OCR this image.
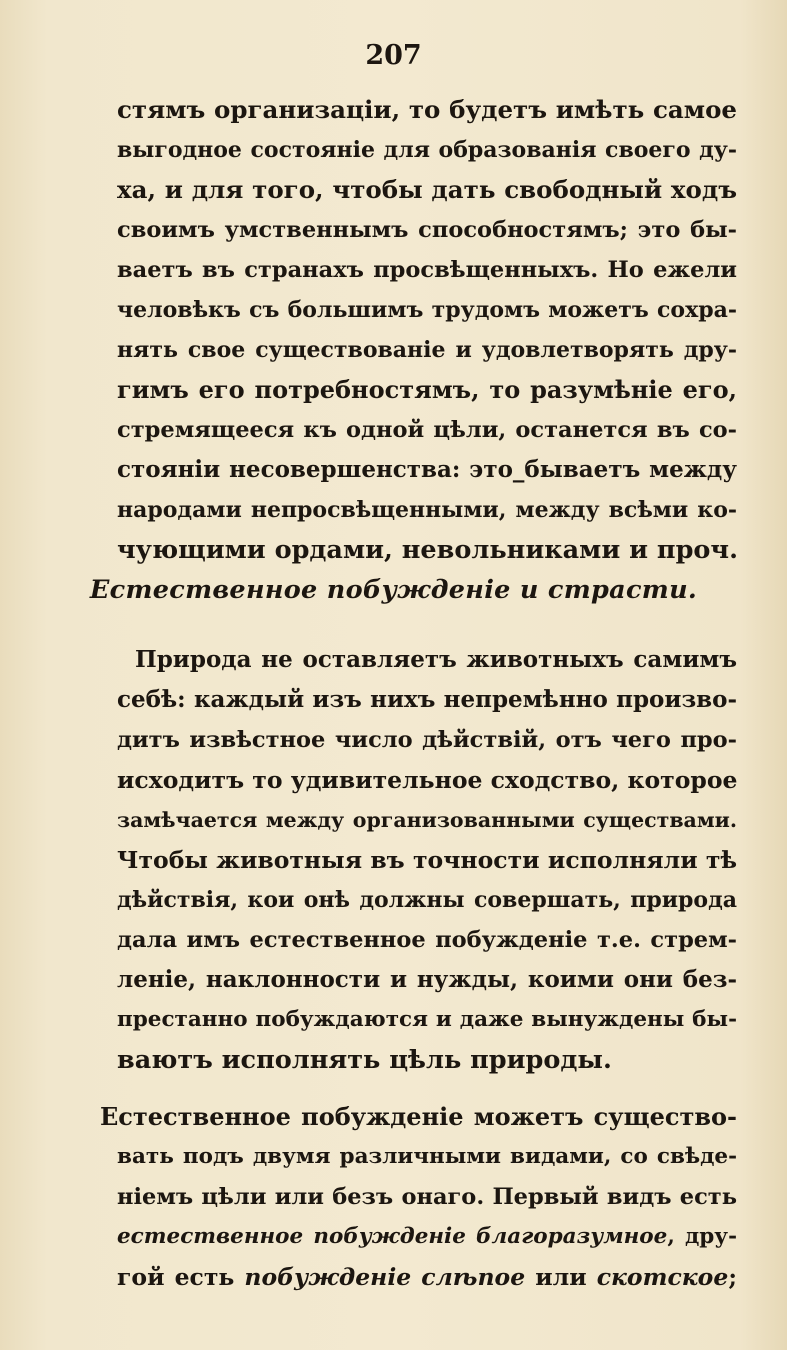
207
стямъ организаціи, то будетъ имѣть самое
выгодное состояніе для образованія своего ду-
ха, и для того, чтобы дать свободный ходъ
своимъ умственнымъ способностямъ; это бы-
ваетъ въ странахъ просвѣщенныхъ. Но ежели
человѣкъ съ большимъ трудомъ можетъ сохра-
нять свое существованіе и удовлетворять дру-
гимъ его потребностямъ, то разумѣніе его,
стремящееся къ одной цѣли, останется въ со-
стояніи несовершенства: это_бываетъ между
народами непросвѣщенными, между всѣми ко-
чующими ордами, невольниками и проч.
Естественное побужденіе и страсти.
Природа не оставляетъ животныхъ самимъ
себѣ: каждый изъ нихъ непремѣнно произво-
дитъ извѣстное число дѣйствій, отъ чего про-
исходитъ то удивительное сходство, которое
замѣчается между организованными существами.
Чтобы животныя въ точности исполняли тѣ
дѣйствія, кои онѣ должны совершать, природа
дала имъ естественное побужденіе т.е. стрем-
леніе, наклонности и нужды, коими они без-
престанно побуждаются и даже вынуждены бы-
ваютъ исполнять цѣль природы.
Естественное побужденіе можетъ существо-
вать подъ двумя различными видами, со свѣде-
ніемъ цѣли или безъ онаго. Первый видъ есть
естественное побужденіе благоразумное, дру-
гой есть побужденіе слѣпое или скотское;
